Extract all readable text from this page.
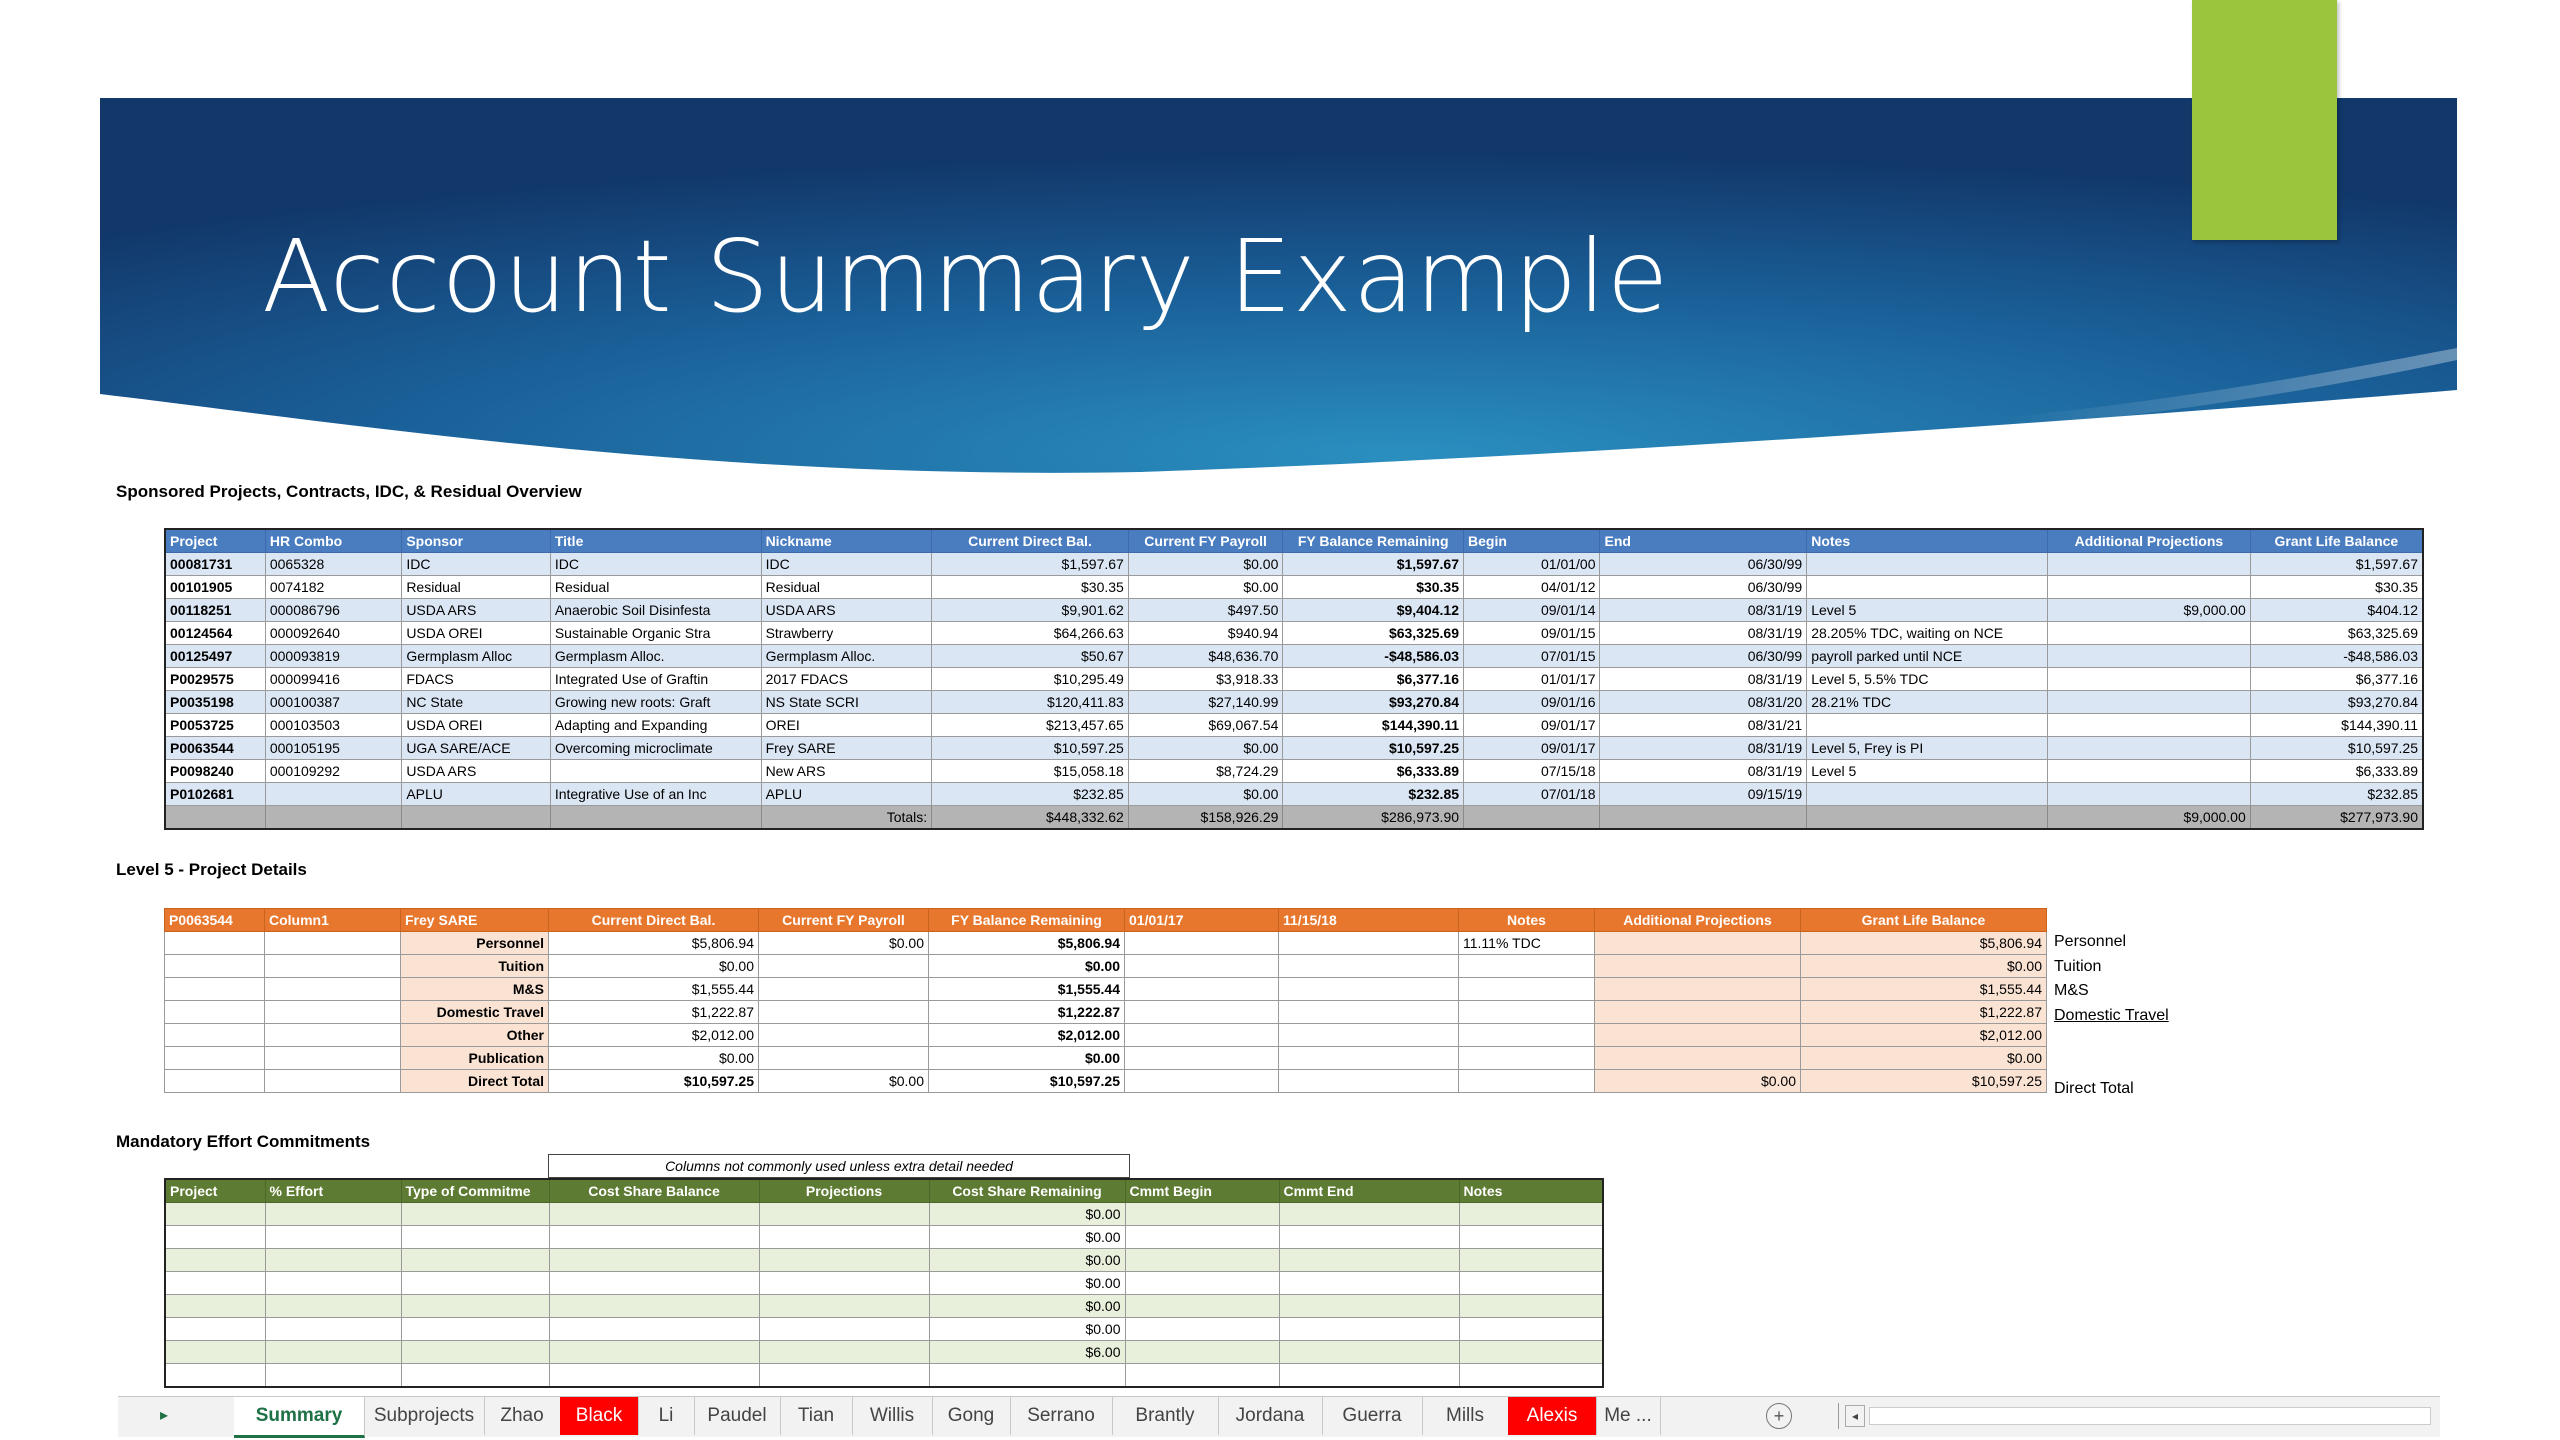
Account Summary Example
Sponsored Projects, Contracts, IDC, & Residual Overview
Project	HR Combo	Sponsor	Title	Nickname	Current Direct Bal.	Current FY Payroll	FY Balance Remaining	Begin	End	Notes	Additional Projections	Grant Life Balance
00081731	0065328	IDC	IDC	IDC	$1,597.67	$0.00	$1,597.67	01/01/00	06/30/99			$1,597.67
00101905	0074182	Residual	Residual	Residual	$30.35	$0.00	$30.35	04/01/12	06/30/99			$30.35
00118251	000086796	USDA ARS	Anaerobic Soil Disinfesta	USDA ARS	$9,901.62	$497.50	$9,404.12	09/01/14	08/31/19	Level 5	$9,000.00	$404.12
00124564	000092640	USDA OREI	Sustainable Organic Stra	Strawberry	$64,266.63	$940.94	$63,325.69	09/01/15	08/31/19	28.205% TDC, waiting on NCE		$63,325.69
00125497	000093819	Germplasm Alloc	Germplasm Alloc.	Germplasm Alloc.	$50.67	$48,636.70	-$48,586.03	07/01/15	06/30/99	payroll parked until NCE		-$48,586.03
P0029575	000099416	FDACS	Integrated Use of Graftin	2017 FDACS	$10,295.49	$3,918.33	$6,377.16	01/01/17	08/31/19	Level 5, 5.5% TDC		$6,377.16
P0035198	000100387	NC State	Growing new roots: Graft	NS State SCRI	$120,411.83	$27,140.99	$93,270.84	09/01/16	08/31/20	28.21% TDC		$93,270.84
P0053725	000103503	USDA OREI	Adapting and Expanding	OREI	$213,457.65	$69,067.54	$144,390.11	09/01/17	08/31/21			$144,390.11
P0063544	000105195	UGA SARE/ACE	Overcoming microclimate	Frey SARE	$10,597.25	$0.00	$10,597.25	09/01/17	08/31/19	Level 5, Frey is PI		$10,597.25
P0098240	000109292	USDA ARS		New ARS	$15,058.18	$8,724.29	$6,333.89	07/15/18	08/31/19	Level 5		$6,333.89
P0102681		APLU	Integrative Use of an Inc	APLU	$232.85	$0.00	$232.85	07/01/18	09/15/19			$232.85
				Totals:	$448,332.62	$158,926.29	$286,973.90				$9,000.00	$277,973.90
Level 5 - Project Details
P0063544	Column1	Frey SARE	Current Direct Bal.	Current FY Payroll	FY Balance Remaining	01/01/17	11/15/18	Notes	Additional Projections	Grant Life Balance
		Personnel	$5,806.94	$0.00	$5,806.94			11.11% TDC		$5,806.94
		Tuition	$0.00		$0.00					$0.00
		M&S	$1,555.44		$1,555.44					$1,555.44
		Domestic Travel	$1,222.87		$1,222.87					$1,222.87
		Other	$2,012.00		$2,012.00					$2,012.00
		Publication	$0.00		$0.00					$0.00
		Direct Total	$10,597.25	$0.00	$10,597.25				$0.00	$10,597.25
Personnel
Tuition
M&S
Domestic Travel
Direct Total
Mandatory Effort Commitments
Columns not commonly used unless extra detail needed
Project	% Effort	Type of Commitme	Cost Share Balance	Projections	Cost Share Remaining	Cmmt Begin	Cmmt End	Notes
					$0.00			
					$0.00			
					$0.00			
					$0.00			
					$0.00			
					$0.00			
					$6.00			

▸	Summary	Subprojects	Zhao	Black	Li	Paudel	Tian	Willis	Gong	Serrano	Brantly	Jordana	Guerra	Mills	Alexis	Me ...	+	◂
